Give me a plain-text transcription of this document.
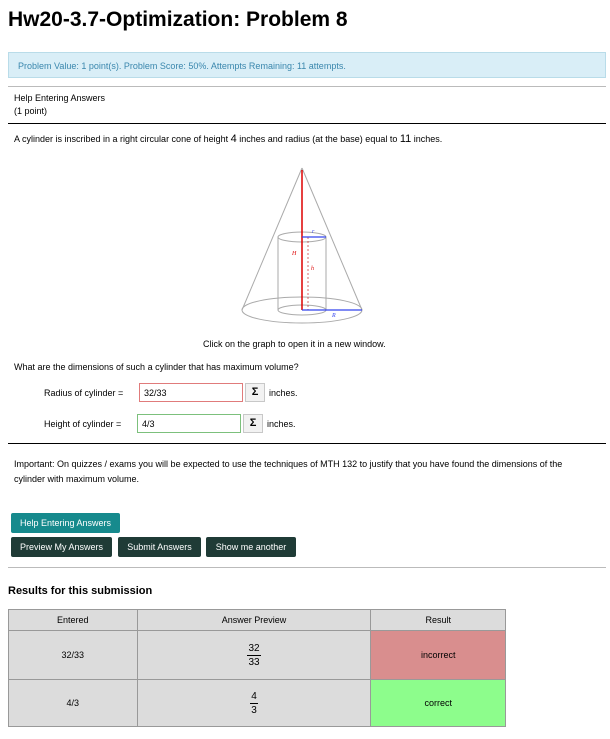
Hw20-3.7-Optimization: Problem 8
Problem Value: 1 point(s). Problem Score: 50%. Attempts Remaining: 11 attempts.
Help Entering Answers
(1 point)
A cylinder is inscribed in a right circular cone of height 4 inches and radius (at the base) equal to 11 inches.
r
H
h
R
Click on the graph to open it in a new window.
What are the dimensions of such a cylinder that has maximum volume?
Radius of cylinder =
32/33	Σ	inches.
Height of cylinder =
4/3	Σ	inches.
Important: On quizzes / exams you will be expected to use the techniques of MTH 132 to justify that you have found the dimensions of the cylinder with maximum volume.
Help Entering Answers
Preview My Answers	Submit Answers	Show me another
Results for this submission
Entered	Answer Preview	Result
32/33	$\frac{32}{33}$	incorrect
4/3	$\frac{4}{3}$	correct
